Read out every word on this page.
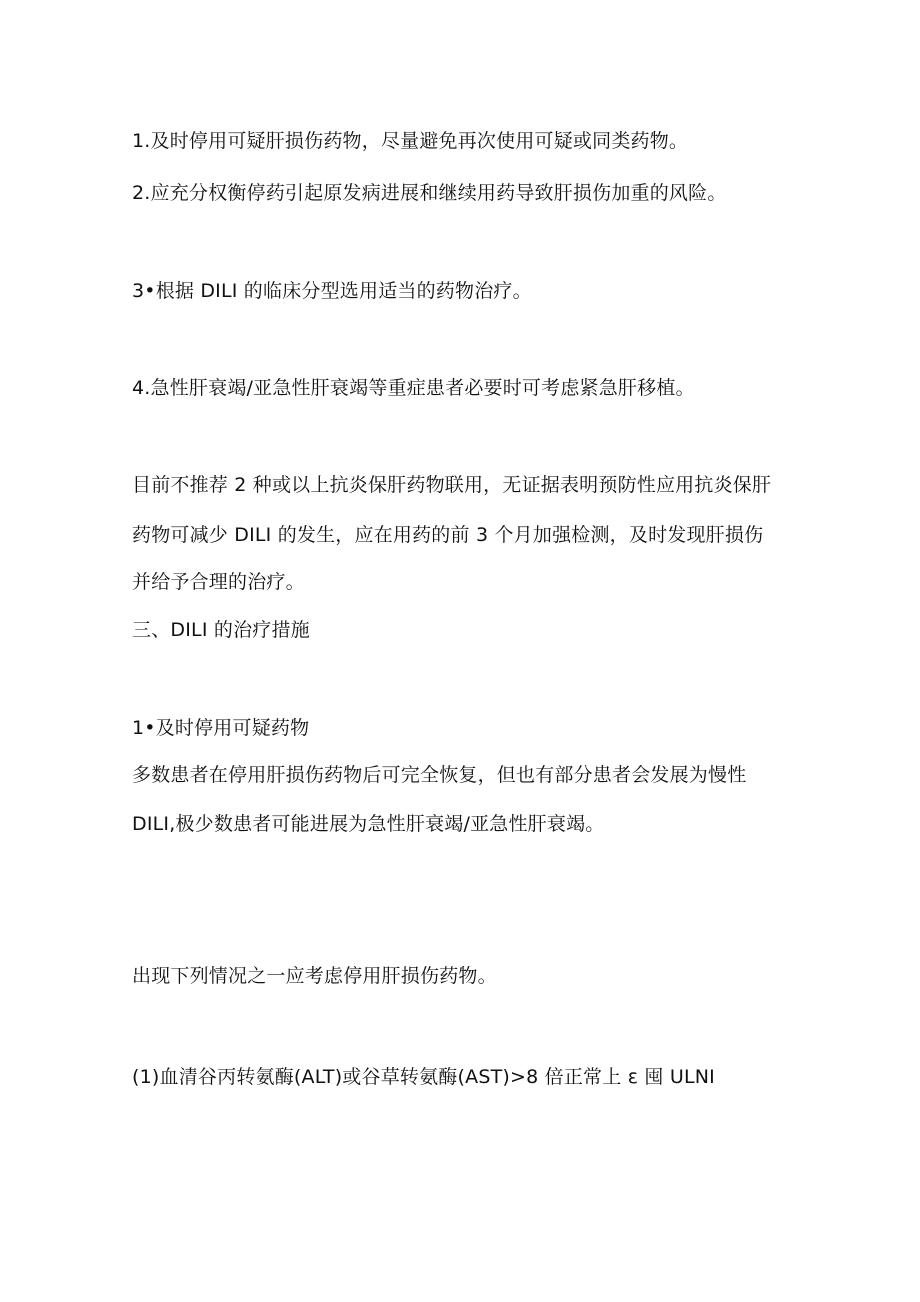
1.及时停用可疑肝损伤药物，尽量避免再次使用可疑或同类药物。

2.应充分权衡停药引起原发病进展和继续用药导致肝损伤加重的风险。

3•根据 DILI 的临床分型选用适当的药物治疗。

4.急性肝衰竭/亚急性肝衰竭等重症患者必要时可考虑紧急肝移植。

目前不推荐 2 种或以上抗炎保肝药物联用，无证据表明预防性应用抗炎保肝

药物可减少 DILI 的发生，应在用药的前 3 个月加强检测，及时发现肝损伤

并给予合理的治疗。

三、DILI 的治疗措施

1•及时停用可疑药物

多数患者在停用肝损伤药物后可完全恢复，但也有部分患者会发展为慢性

DILI,极少数患者可能进展为急性肝衰竭/亚急性肝衰竭。

出现下列情况之一应考虑停用肝损伤药物。

(1)血清谷丙转氨酶(ALT)或谷草转氨酶(AST)>8 倍正常上 ε 囤 ULNI
